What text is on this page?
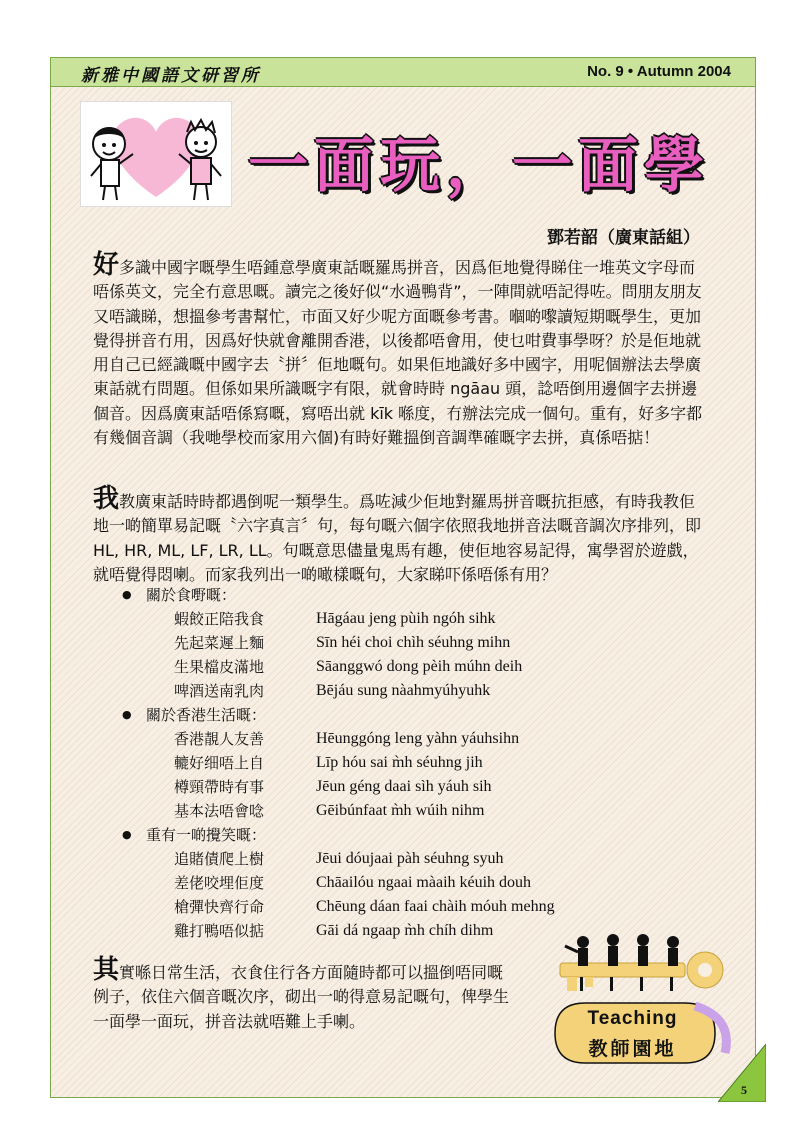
新雅中國語文研習所	No. 9 • Autumn 2004
一面玩，一面學
鄧若韶（廣東話組）

好多識中國字嘅學生唔鍾意學廣東話嘅羅馬拼音，因爲佢地覺得睇住一堆英文字母而唔係英文，完全冇意思嘅。讀完之後好似“水過鴨背”，一陣間就唔記得咗。問朋友朋友又唔識睇，想搵參考書幫忙，市面又好少呢方面嘅參考書。嗰啲嚟讀短期嘅學生，更加覺得拼音冇用，因爲好快就會離開香港，以後都唔會用，使乜咁費事學呀？於是佢地就用自己已經識嘅中國字去〝拼〞佢地嘅句。如果佢地識好多中國字，用呢個辦法去學廣東話就冇問題。但係如果所識嘅字有限，就會時時 ngāau 頭，諗唔倒用邊個字去拼邊個音。因爲廣東話唔係寫嘅，寫唔出就 kīk 喺度，冇辦法完成一個句。重有，好多字都有幾個音調（我哋學校而家用六個)有時好難搵倒音調準確嘅字去拼，真係唔掂！

我教廣東話時時都遇倒呢一類學生。爲咗減少佢地對羅馬拼音嘅抗拒感，有時我教佢地一啲簡單易記嘅〝六字真言〞句，每句嘅六個字依照我地拼音法嘅音調次序排列，即 HL, HR, ML, LF, LR, LL。句嘅意思儘量鬼馬有趣，使佢地容易記得，寓學習於遊戲，就唔覺得悶喇。而家我列出一啲噉樣嘅句，大家睇吓係唔係有用？

● 關於食嘢嘅：
蝦餃正陪我食	Hāgáau jeng pùih ngóh sihk
先起菜遲上麵	Sīn héi choi chìh séuhng mihn
生果檔皮滿地	Sāanggwó dong pèih múhn deih
啤酒送南乳肉	Bējáu sung nàahmyúhyuhk
● 關於香港生活嘅：
香港靚人友善	Hēunggóng leng yàhn yáuhsihn
轆好细唔上自	Līp hóu sai m̀h séuhng jih
樽頸帶時有事	Jēun géng daai sìh yáuh sih
基本法唔會唸	Gēibúnfaat m̀h wúih nihm
● 重有一啲攪笑嘅：
追賭債爬上樹	Jēui dóujaai pàh séuhng syuh
差佬咬埋佢度	Chāailóu ngaai màaih kéuih douh
槍彈快齊行命	Chēung dáan faai chàih móuh mehng
雞打鴨唔似掂	Gāi dá ngaap m̀h chíh dihm

其實喺日常生活，衣食住行各方面隨時都可以搵倒唔同嘅例子，依住六個音嘅次序，砌出一啲得意易記嘅句，俾學生一面學一面玩，拼音法就唔難上手喇。	Teaching
教師園地
5
